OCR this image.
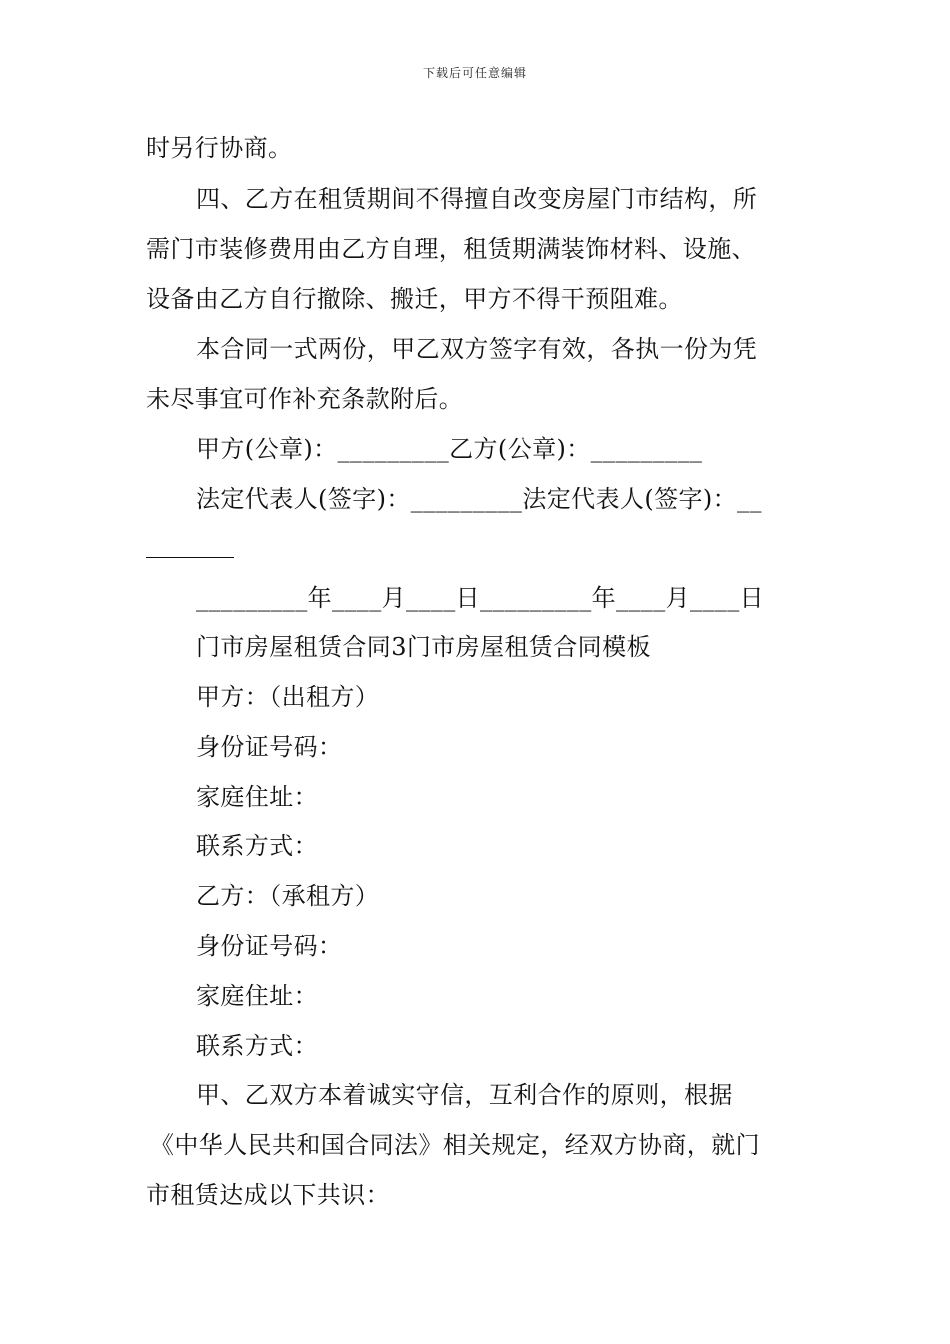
下载后可任意编辑
时另行协商。
四、乙方在租赁期间不得擅自改变房屋门市结构，所
需门市装修费用由乙方自理，租赁期满装饰材料、设施、
设备由乙方自行撤除、搬迁，甲方不得干预阻难。
本合同一式两份，甲乙双方签字有效，各执一份为凭
未尽事宜可作补充条款附后。
甲方(公章)：_________乙方(公章)：_________
法定代表人(签字)：_________法定代表人(签字)：__
_________年____月____日_________年____月____日
门市房屋租赁合同3门市房屋租赁合同模板
甲方：（出租方）
身份证号码：
家庭住址：
联系方式：
乙方：（承租方）
身份证号码：
家庭住址：
联系方式：
甲、乙双方本着诚实守信，互利合作的原则，根据
《中华人民共和国合同法》相关规定，经双方协商，就门
市租赁达成以下共识：
